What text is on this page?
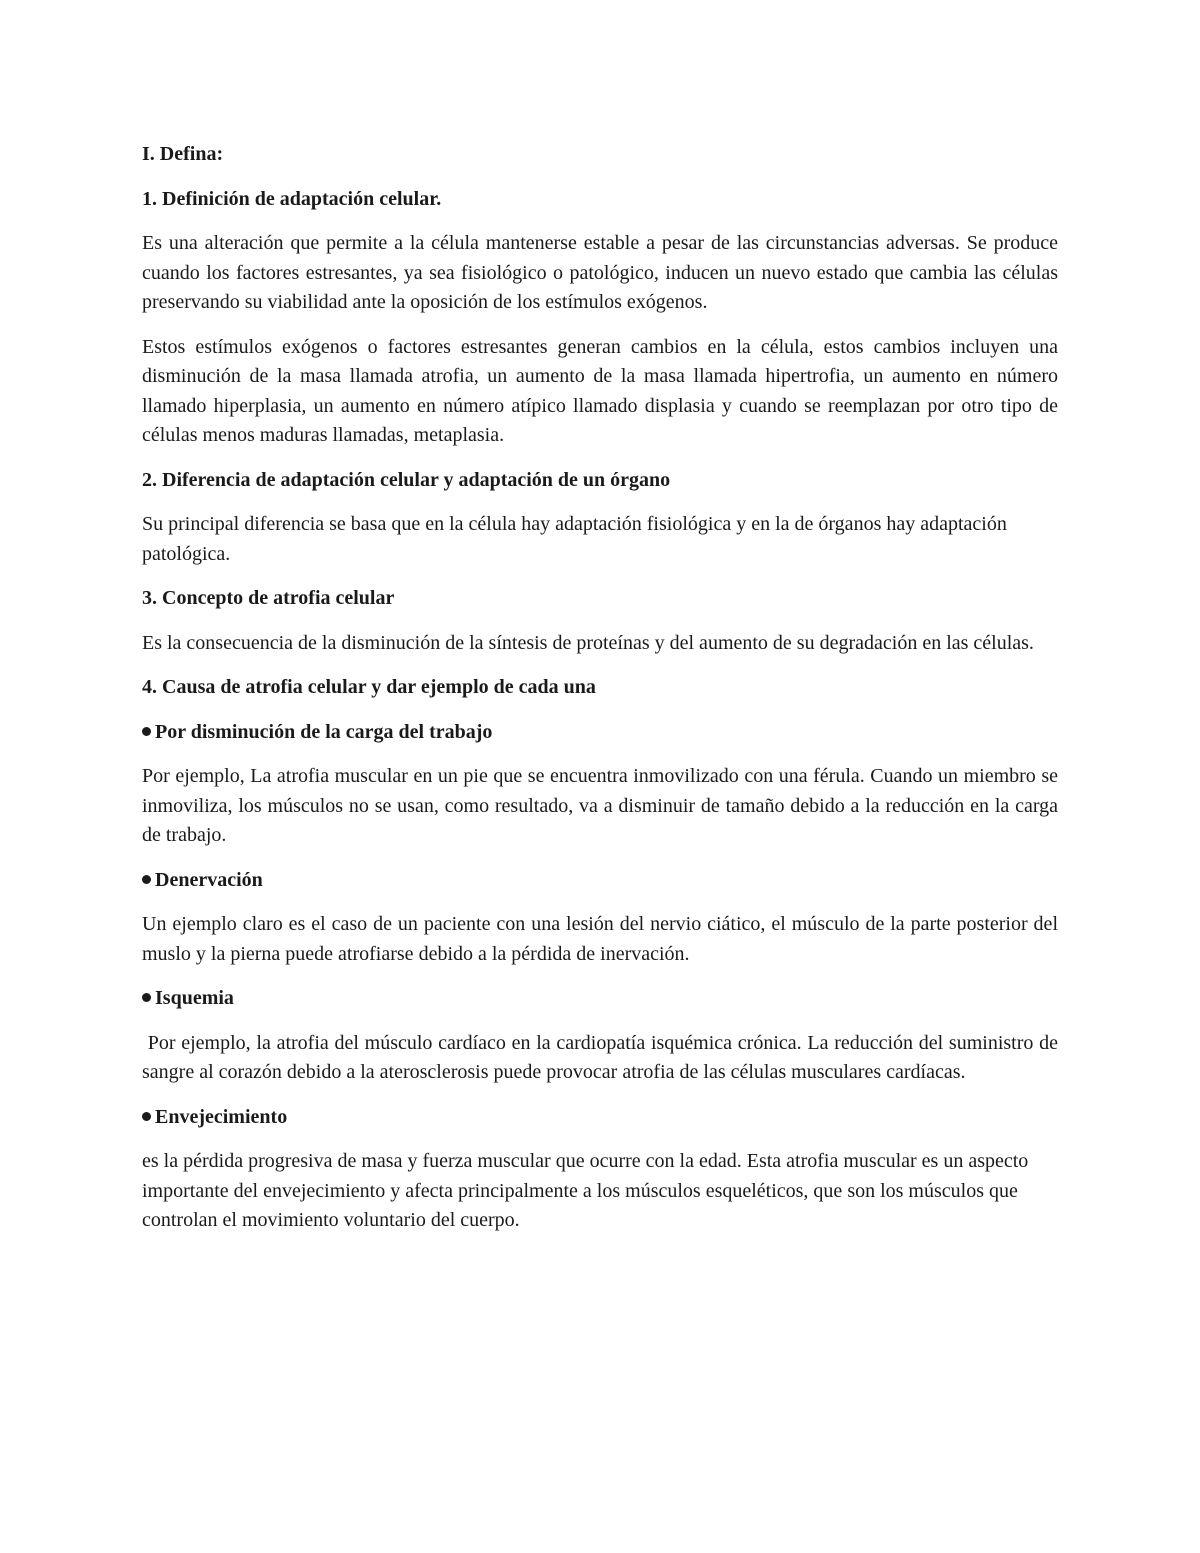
I. Defina:
1. Definición de adaptación celular.
Es una alteración que permite a la célula mantenerse estable a pesar de las circunstancias adversas. Se produce cuando los factores estresantes, ya sea fisiológico o patológico, inducen un nuevo estado que cambia las células preservando su viabilidad ante la oposición de los estímulos exógenos.
Estos estímulos exógenos o factores estresantes generan cambios en la célula, estos cambios incluyen una disminución de la masa llamada atrofia, un aumento de la masa llamada hipertrofia, un aumento en número llamado hiperplasia, un aumento en número atípico llamado displasia y cuando se reemplazan por otro tipo de células menos maduras llamadas, metaplasia.
2. Diferencia de adaptación celular y adaptación de un órgano
Su principal diferencia se basa que en la célula hay adaptación fisiológica y en la de órganos hay adaptación patológica.
3. Concepto de atrofia celular
Es la consecuencia de la disminución de la síntesis de proteínas y del aumento de su degradación en las células.
4. Causa de atrofia celular y dar ejemplo de cada una
Por disminución de la carga del trabajo
Por ejemplo, La atrofia muscular en un pie que se encuentra inmovilizado con una férula. Cuando un miembro se inmoviliza, los músculos no se usan, como resultado, va a disminuir de tamaño debido a la reducción en la carga de trabajo.
Denervación
Un ejemplo claro es el caso de un paciente con una lesión del nervio ciático, el músculo de la parte posterior del muslo y la pierna puede atrofiarse debido a la pérdida de inervación.
Isquemia
Por ejemplo, la atrofia del músculo cardíaco en la cardiopatía isquémica crónica. La reducción del suministro de sangre al corazón debido a la aterosclerosis puede provocar atrofia de las células musculares cardíacas.
Envejecimiento
es la pérdida progresiva de masa y fuerza muscular que ocurre con la edad. Esta atrofia muscular es un aspecto importante del envejecimiento y afecta principalmente a los músculos esqueléticos, que son los músculos que controlan el movimiento voluntario del cuerpo.
